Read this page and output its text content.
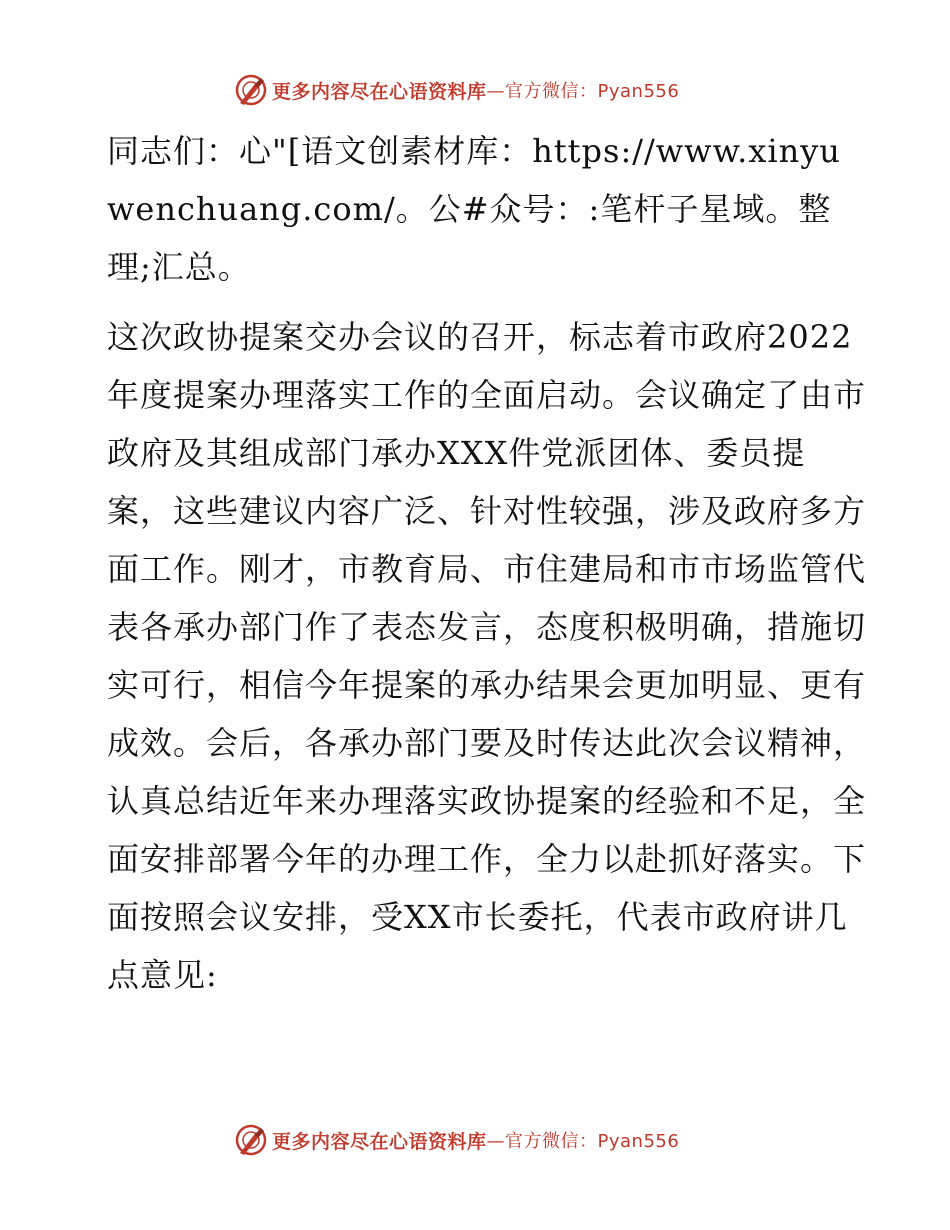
更多内容尽在心语资料库 —官方微信：Pyan556

同志们：心"[语文创素材库：https://www.xinyuwenchuang.com/。公#众号：:笔杆子星域。整理;汇总。

这次政协提案交办会议的召开，标志着市政府2022年度提案办理落实工作的全面启动。会议确定了由市政府及其组成部门承办XXX件党派团体、委员提案，这些建议内容广泛、针对性较强，涉及政府多方面工作。刚才，市教育局、市住建局和市市场监管代表各承办部门作了表态发言，态度积极明确，措施切实可行，相信今年提案的承办结果会更加明显、更有成效。会后，各承办部门要及时传达此次会议精神，认真总结近年来办理落实政协提案的经验和不足，全面安排部署今年的办理工作，全力以赴抓好落实。下面按照会议安排，受XX市长委托，代表市政府讲几点意见:

更多内容尽在心语资料库 —官方微信：Pyan556
